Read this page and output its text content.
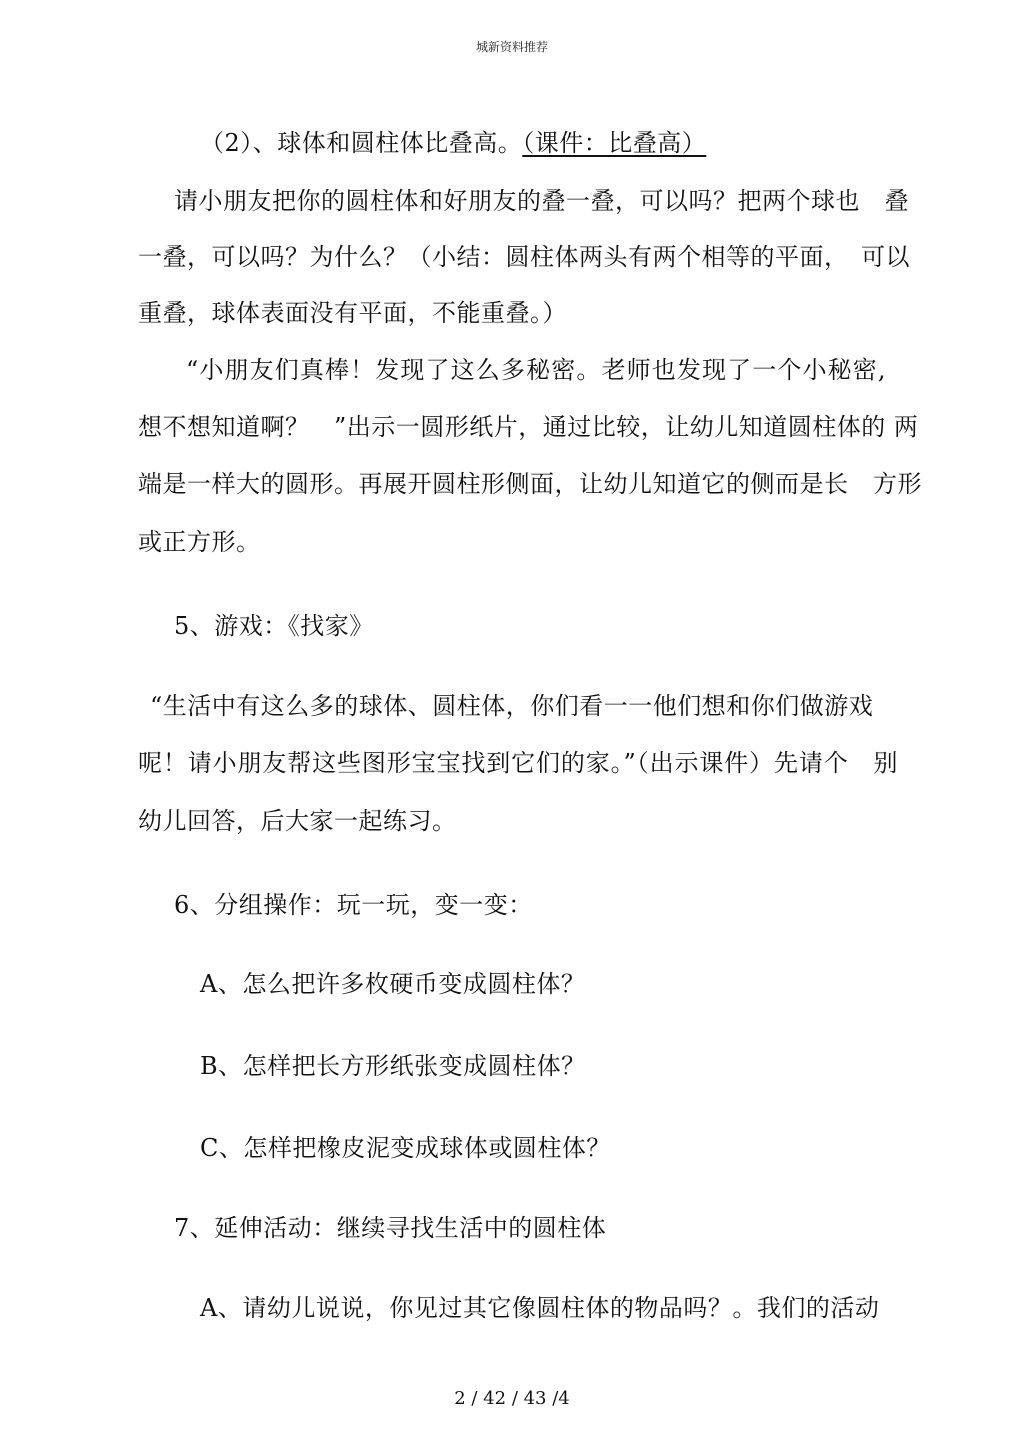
城新资料推荐
（2）、球体和圆柱体比叠高。（课件：比叠高）
请小朋友把你的圆柱体和好朋友的叠一叠，可以吗？把两个球也　叠
一叠，可以吗？为什么？（小结：圆柱体两头有两个相等的平面，　可以
重叠，球体表面没有平面，不能重叠。）
“小朋友们真棒！发现了这么多秘密。老师也发现了一个小秘密,
想不想知道啊？　”出示一圆形纸片，通过比较，让幼儿知道圆柱体的 两
端是一样大的圆形。再展开圆柱形侧面，让幼儿知道它的侧而是长　方形
或正方形。
5、游戏：《找家》
“生活中有这么多的球体、圆柱体，你们看一一他们想和你们做游戏
呢！请小朋友帮这些图形宝宝找到它们的家。”（出示课件）先请个　别
幼儿回答，后大家一起练习。
6、分组操作：玩一玩，变一变：
A、怎么把许多枚硬币变成圆柱体？
B、怎样把长方形纸张变成圆柱体？
C、怎样把橡皮泥变成球体或圆柱体？
7、延伸活动：继续寻找生活中的圆柱体
A、请幼儿说说，你见过其它像圆柱体的物品吗？。我们的活动
2 / 42 / 43 /4
